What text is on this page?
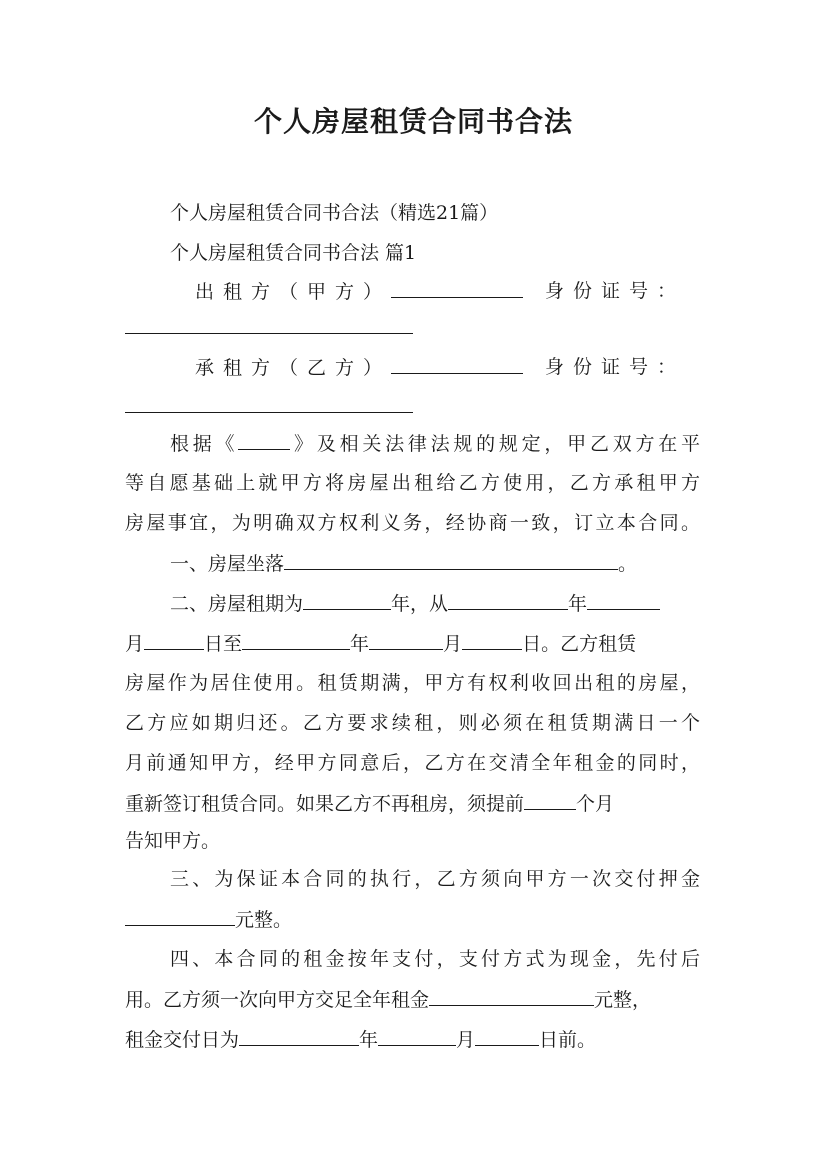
个人房屋租赁合同书合法
个人房屋租赁合同书合法（精选21篇）
个人房屋租赁合同书合法 篇1
出租方（甲方）	身份证号：
承租方（乙方）	身份证号：
根据《	》及相关法律法规的规定，甲乙双方在平
等自愿基础上就甲方将房屋出租给乙方使用，乙方承租甲方
房屋事宜，为明确双方权利义务，经协商一致，订立本合同。
一、房屋坐落	。
二、房屋租期为	年，从	年
月	日至	年	月	日。乙方租赁
房屋作为居住使用。租赁期满，甲方有权利收回出租的房屋，
乙方应如期归还。乙方要求续租，则必须在租赁期满日一个
月前通知甲方，经甲方同意后，乙方在交清全年租金的同时，
重新签订租赁合同。如果乙方不再租房，须提前	个月
告知甲方。
三、为保证本合同的执行，乙方须向甲方一次交付押金
元整。
四、本合同的租金按年支付，支付方式为现金，先付后
用。乙方须一次向甲方交足全年租金	元整，
租金交付日为	年	月	日前。
